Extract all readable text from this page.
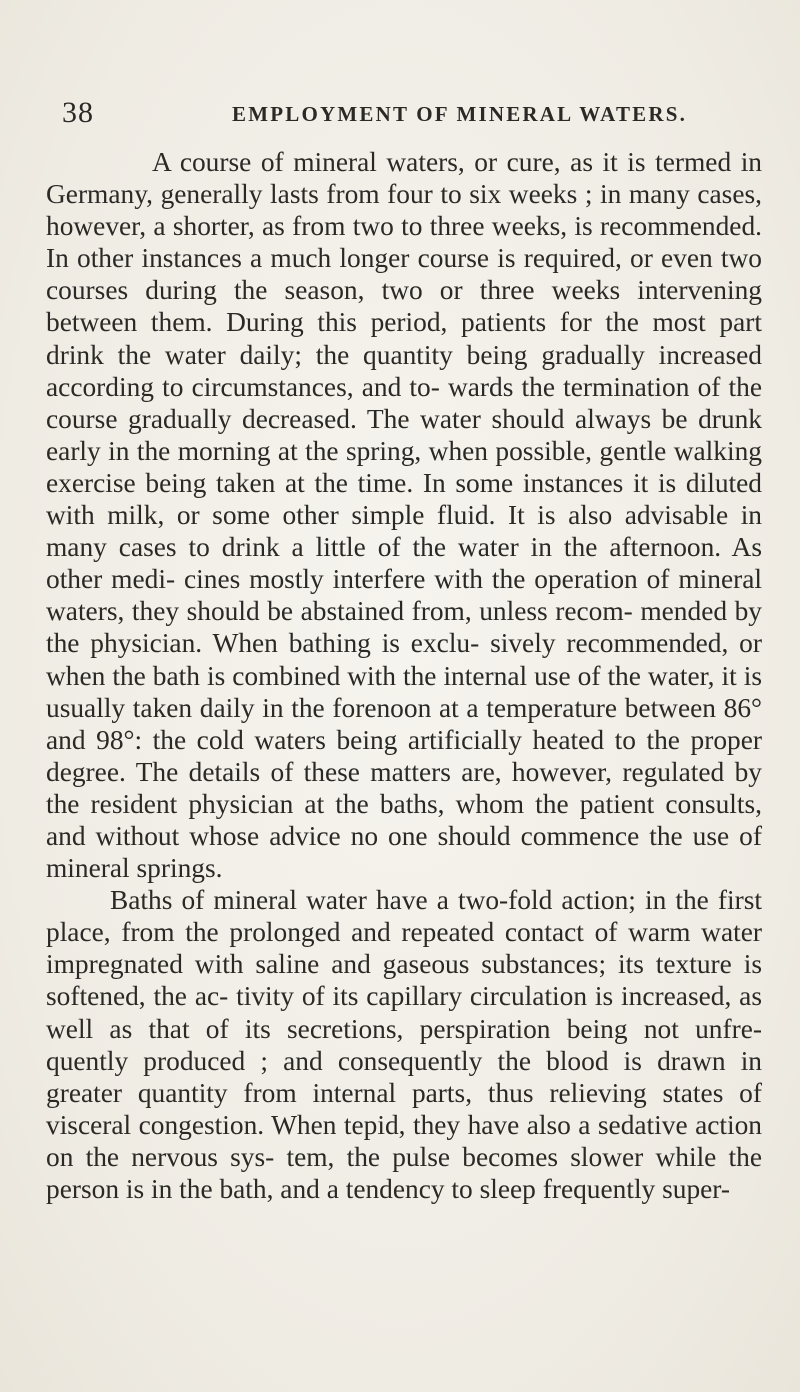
38	EMPLOYMENT OF MINERAL WATERS.

A course of mineral waters, or cure, as it is termed in Germany, generally lasts from four to six weeks ; in many cases, however, a shorter, as from two to three weeks, is recommended. In other instances a much longer course is required, or even two courses during the season, two or three weeks intervening between them. During this period, patients for the most part drink the water daily; the quantity being gradually increased according to circumstances, and to- wards the termination of the course gradually decreased. The water should always be drunk early in the morning at the spring, when possible, gentle walking exercise being taken at the time. In some instances it is diluted with milk, or some other simple fluid. It is also advisable in many cases to drink a little of the water in the afternoon. As other medi- cines mostly interfere with the operation of mineral waters, they should be abstained from, unless recom- mended by the physician. When bathing is exclu- sively recommended, or when the bath is combined with the internal use of the water, it is usually taken daily in the forenoon at a temperature between 86° and 98°: the cold waters being artificially heated to the proper degree. The details of these matters are, however, regulated by the resident physician at the baths, whom the patient consults, and without whose advice no one should commence the use of mineral springs.

Baths of mineral water have a two-fold action; in the first place, from the prolonged and repeated contact of warm water impregnated with saline and gaseous substances; its texture is softened, the ac- tivity of its capillary circulation is increased, as well as that of its secretions, perspiration being not unfre- quently produced ; and consequently the blood is drawn in greater quantity from internal parts, thus relieving states of visceral congestion. When tepid, they have also a sedative action on the nervous sys- tem, the pulse becomes slower while the person is in the bath, and a tendency to sleep frequently super-
